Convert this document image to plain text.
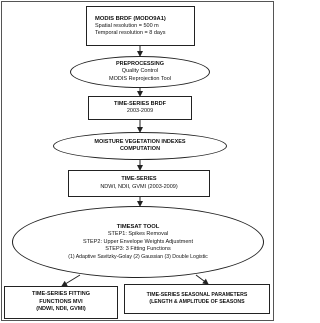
MODIS BRDF (MODO9A1)
Spatial resolution = 500 m
Temporal resolution = 8 days
PREPROCESSING
Quality Control
MODIS Reprojection Tool
TIME-SERIES BRDF
2003-2009
MOISTURE VEGETATION INDEXES
COMPUTATION
TIME-SERIES
NDWI, NDII, GVMI (2003-2009)
TIMESAT TOOL
STEP1: Spikes Removal
STEP2: Upper Envelope Weights Adjustment
STEP3: 3 Fitting Functions
(1) Adaptive Savitzky-Golay (2) Gaussian (3) Double Logistic
TIME-SERIES FITTING
FUNCTIONS MVI
(NDWI, NDII, GVMI)
TIME-SERIES SEASONAL PARAMETERS
(LENGTH & AMPLITUDE OF SEASONS
